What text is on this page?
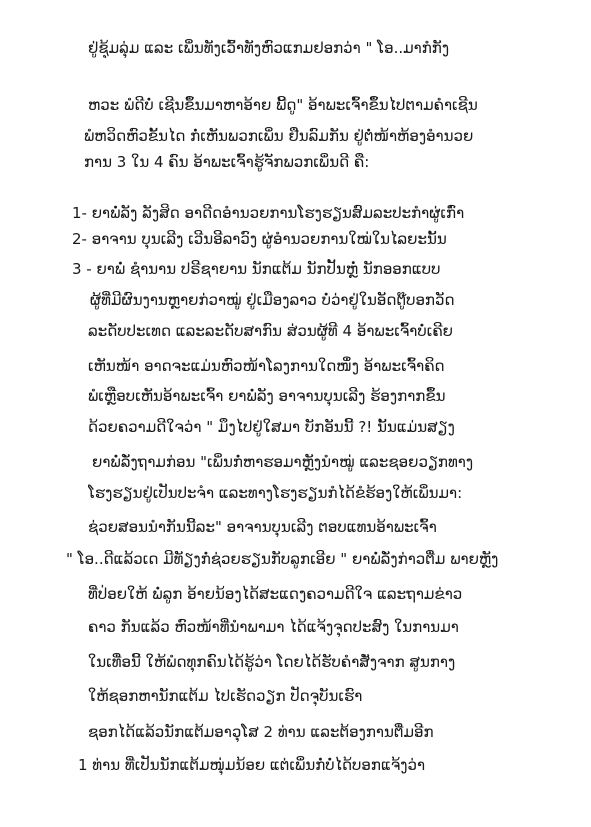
ຢູ່ຊຸ້ມລຸ່ມ ແລະ ເພິ່ນທັງເວົ້າທັງຫົວແກມຢອກວ່າ " ໂອ..ມາກໍກັງ
ຫວະ ພໍດີບໍ່ ເຊີນຂຶ້ນມາຫາອ້າຍ ພີ້ດູ" ອ້າພະເຈົ້າຂຶ້ນໄປຕາມຄໍາເຊີນ
ພໍຫວິດຫົວຂັ້ນໄດ ກໍ່ເຫັນພວກເພິ່ນ ຢືນລົມກັນ ຢູ່ຕໍ່ໜ້າຫ້ອງອໍານວຍ
ການ 3 ໃນ 4 ຄົນ ອ້າພະເຈົ້າຮູ້ຈັກພວກເພິ່ນດີ ຄື:
1- ຍາພໍ່ລັງ ລັງສິດ ອາດີດອໍານວຍການໂຮງຮຽນສົມລະປະກໍາຜູ່ເກົ່າ
2- ອາຈານ ບຸນເລີງ ເວີນອີລາວົງ ຜູ່ອໍານວຍການໃໝ່ໃນໄລຍະນັ້ນ
3 - ຍາພໍ່ ຊໍານານ ປຣີຊາຍານ ນັກແຕ້ມ ນັກປັ້ນຫຼໍ່ ນັກອອກແບບ
ຜູ້ທີ່ມີຜົນງານຫຼາຍກ່ວາໝູ່ ຢູ່ເມືອງລາວ ບໍ່ວ່າຢູ່ໃນອັດຕູ໊ບອກວັດ
ລະດັບປະເທດ ແລະລະດັບສາກົນ ສ່ວນຜູ້ທີ 4 ອ້າພະເຈົ້າບໍ່ເຄີຍ
ເຫັນໜ້າ ອາດຈະແມ່ນຫົວໜ້າໂລງການໃດໜຶ່ງ ອ້າພະເຈົ້າຄິດ
ພໍເຫຼືອບເຫັນອ້າພະເຈົ້າ ຍາພໍ່ລັງ ອາຈານບຸນເລີງ ຮ້ອງກາກຂຶ້ນ
ດ້ວຍຄວາມດີໃຈວ່າ " ມຶງໄປຢູ່ໃສມາ ບັກອັນນີ້ ?! ນັ້ນແມ່ນສຽງ
ຍາພໍ່ລັ່ງຖາມກ່ອນ "ເພິ່ນກໍ່ຫາຮອມາຫຼັງນໍາໝູ່ ແລະຊອຍວຽກທາງ
ໂຮງຮຽນຢູ່ເປັນປະຈໍາ ແລະທາງໂຮງຮຽນກໍໄດ້ຂໍຮ້ອງໃຫ້ເພິ່ນມາ:
ຊ່ວຍສອນນໍາກັນນີ້ລະ" ອາຈານບຸນເລີງ ຕອບແທນອ້າພະເຈົ້າ
" ໂອ..ດີແລ້ວເດ ມີທັຽງກໍ່ຊ່ວຍຮຽນກັບລູກເອີຍ " ຍາພໍ່ລັ່ງກ່າວຕື່ມ ພາຍຫຼັງ
ທີ່ປ່ອຍໃຫ້ ພໍ່ລູກ ອ້າຍນ້ອງໄດ້ສະແດງຄວາມດີໃຈ ແລະຖາມຂ່າວ
ຄາວ ກັນແລ້ວ ຫົວໜ້າທີ່ນໍາພາມາ ໄດ້ແຈ້ງຈຸດປະສົງ ໃນການມາ
ໃນເທື່ອນີ້ ໃຫ້ພໍດທຸກຄົນໄດ້ຮູ້ວ່າ ໂດຍໄດ້ຮັບຄໍາສັ່ງຈາກ ສູນກາງ
ໃຫ້ຊອກຫານັກແຕ້ມ ໄປເຮັດວຽກ ປັດຈຸບັນເຮົາ
ຊອກໄດ້ແລ້ວນັກແຕ້ມອາວຸໂສ 2 ທ່ານ ແລະຕ້ອງການຕື່ມອີກ
1 ທ່ານ ທີ່ເປັນນັກແຕ້ມໜຸ່ມນ້ອຍ ແຕ່ເພິ່ນກໍ່ບໍ່ໄດ້ບອກແຈ້ງວ່າ
